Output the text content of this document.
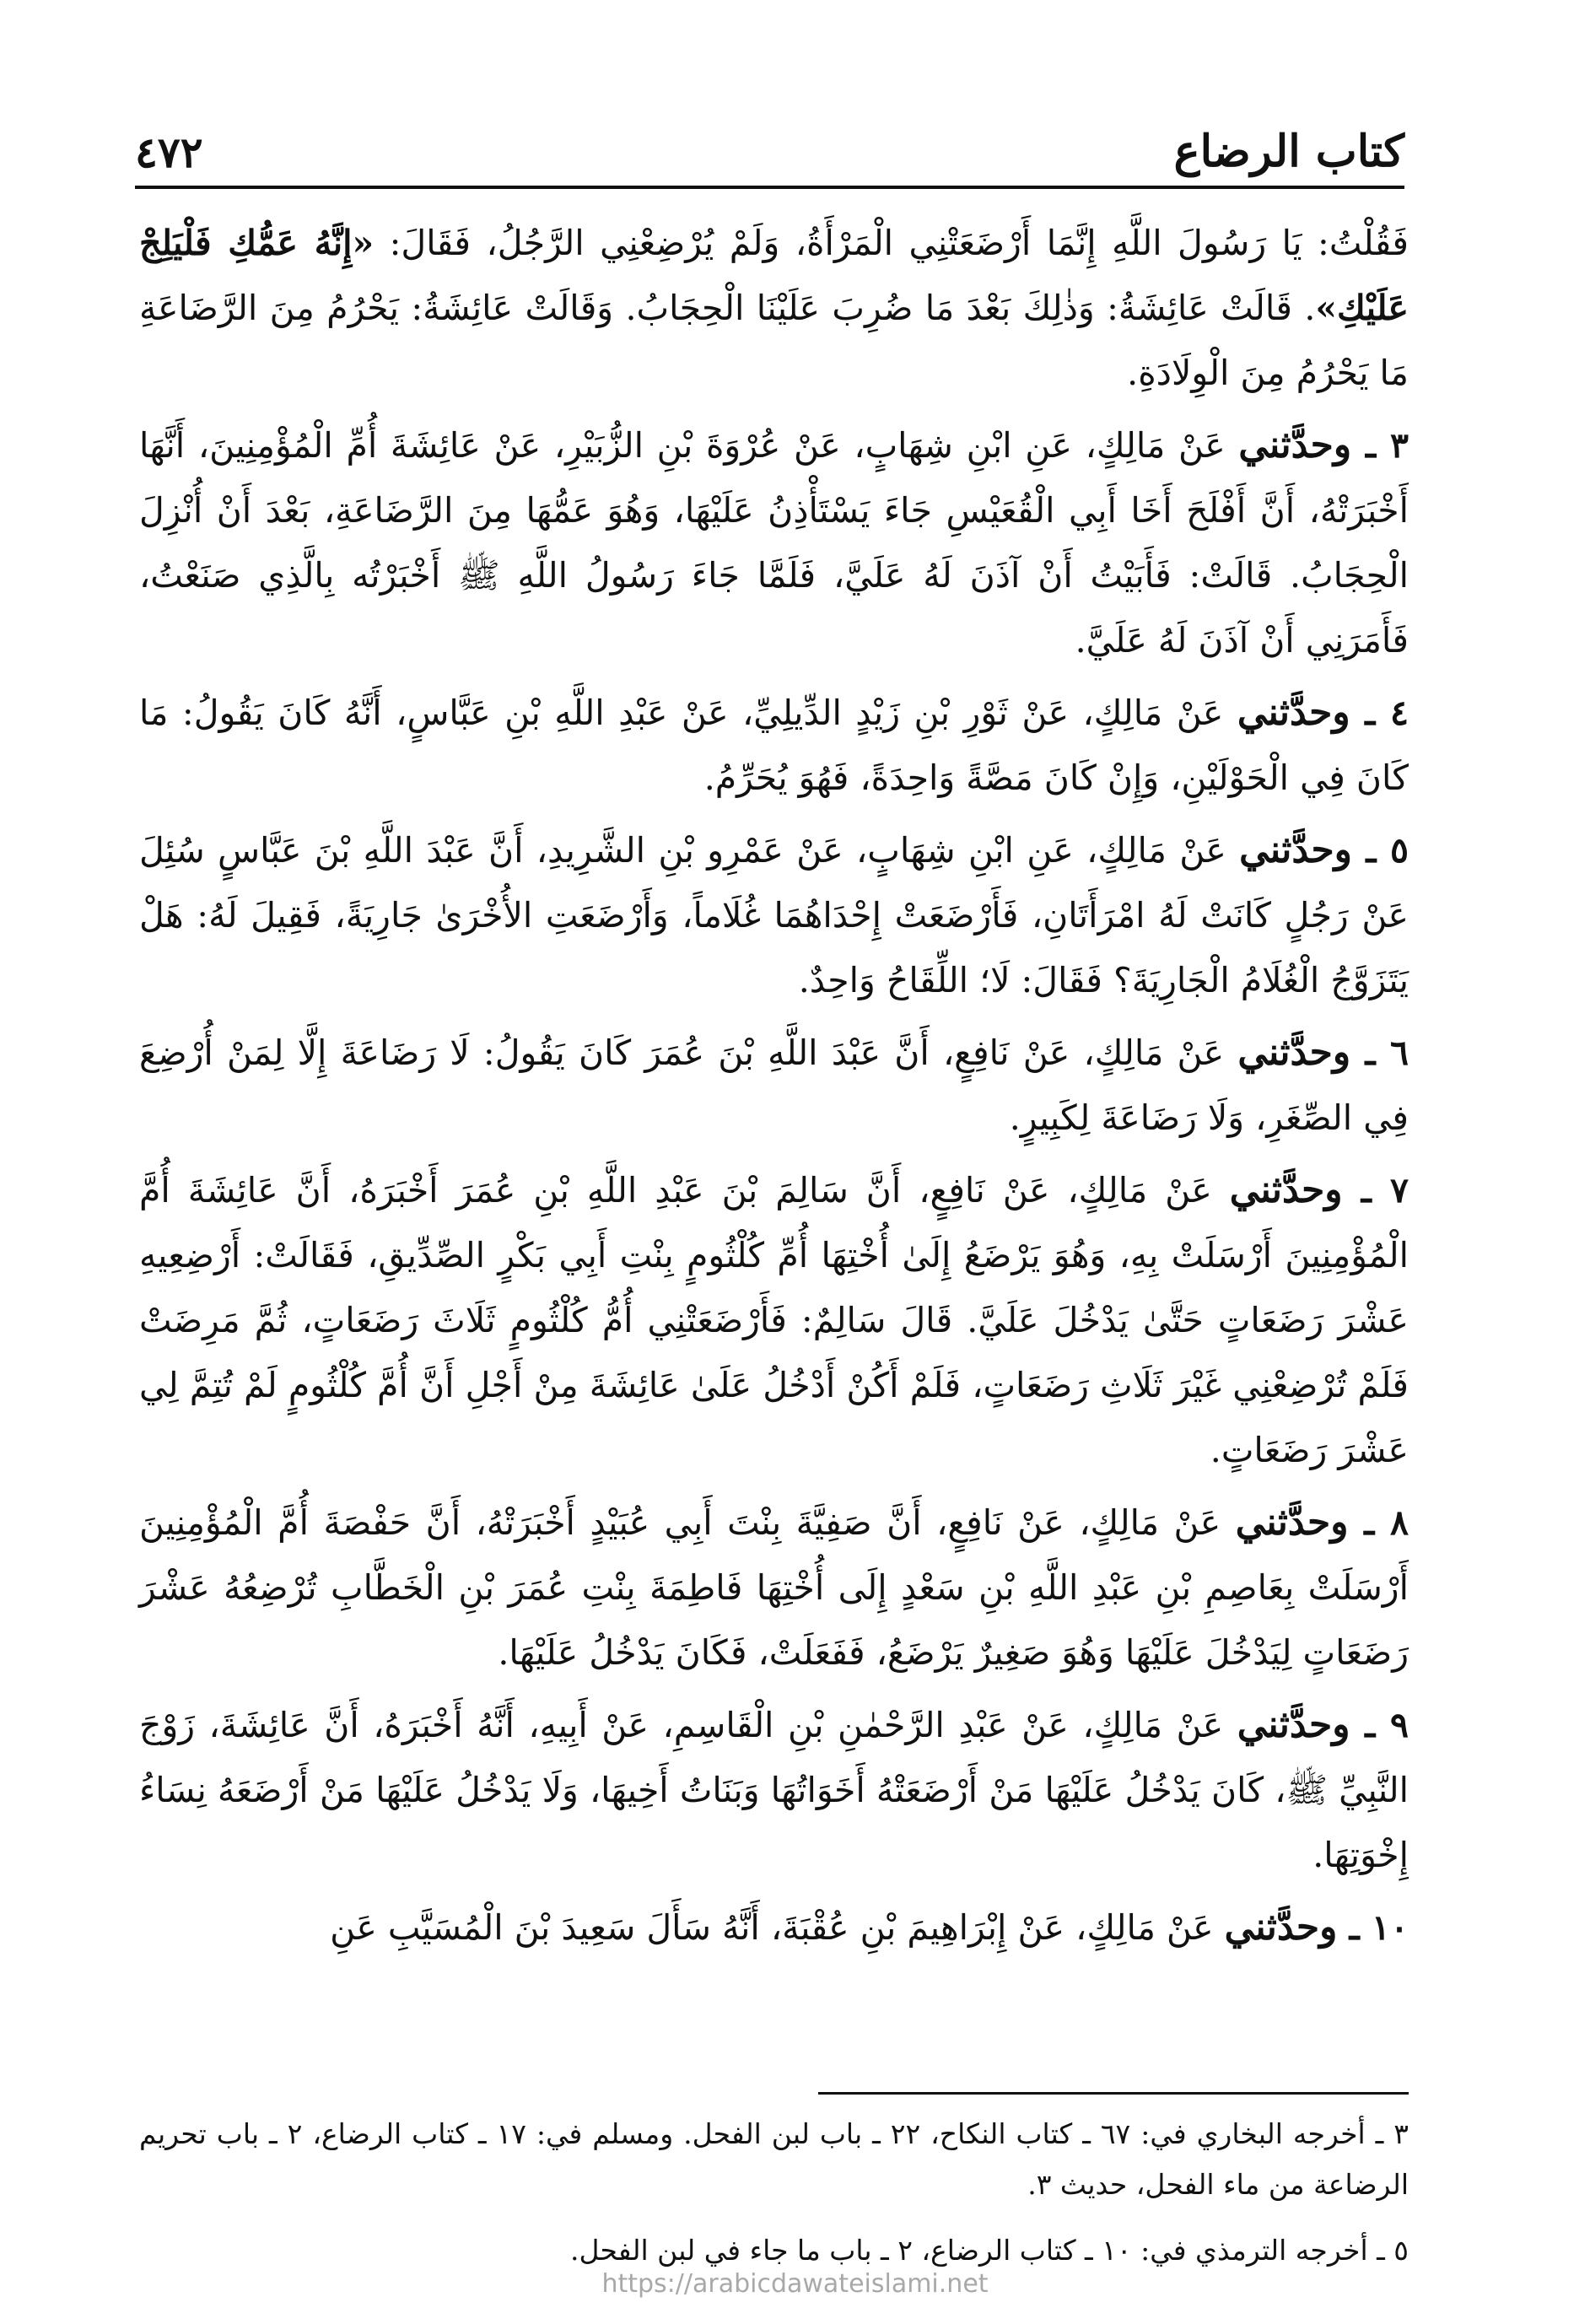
كتاب الرضاع
٤٧٢

فَقُلْتُ: يَا رَسُولَ اللَّهِ إِنَّمَا أَرْضَعَتْنِي الْمَرْأَةُ، وَلَمْ يُرْضِعْنِي الرَّجُلُ، فَقَالَ: «إِنَّهُ عَمُّكِ فَلْيَلِجْ عَلَيْكِ». قَالَتْ عَائِشَةُ: وَذٰلِكَ بَعْدَ مَا ضُرِبَ عَلَيْنَا الْحِجَابُ. وَقَالَتْ عَائِشَةُ: يَحْرُمُ مِنَ الرَّضَاعَةِ مَا يَحْرُمُ مِنَ الْوِلَادَةِ.

٣ ـ وحدَّثني عَنْ مَالِكٍ، عَنِ ابْنِ شِهَابٍ، عَنْ عُرْوَةَ بْنِ الزُّبَيْرِ، عَنْ عَائِشَةَ أُمِّ الْمُؤْمِنِينَ، أَنَّهَا أَخْبَرَتْهُ، أَنَّ أَفْلَحَ أَخَا أَبِي الْقُعَيْسِ جَاءَ يَسْتَأْذِنُ عَلَيْهَا، وَهُوَ عَمُّهَا مِنَ الرَّضَاعَةِ، بَعْدَ أَنْ أُنْزِلَ الْحِجَابُ. قَالَتْ: فَأَبَيْتُ أَنْ آذَنَ لَهُ عَلَيَّ، فَلَمَّا جَاءَ رَسُولُ اللَّهِ ﷺ أَخْبَرْتُه بِالَّذِي صَنَعْتُ، فَأَمَرَنِي أَنْ آذَنَ لَهُ عَلَيَّ.

٤ ـ وحدَّثني عَنْ مَالِكٍ، عَنْ ثَوْرِ بْنِ زَيْدٍ الدِّيلِيِّ، عَنْ عَبْدِ اللَّهِ بْنِ عَبَّاسٍ، أَنَّهُ كَانَ يَقُولُ: مَا كَانَ فِي الْحَوْلَيْنِ، وَإِنْ كَانَ مَصَّةً وَاحِدَةً، فَهُوَ يُحَرِّمُ.

٥ ـ وحدَّثني عَنْ مَالِكٍ، عَنِ ابْنِ شِهَابٍ، عَنْ عَمْرِو بْنِ الشَّرِيدِ، أَنَّ عَبْدَ اللَّهِ بْنَ عَبَّاسٍ سُئِلَ عَنْ رَجُلٍ كَانَتْ لَهُ امْرَأَتَانِ، فَأَرْضَعَتْ إِحْدَاهُمَا غُلَاماً، وَأَرْضَعَتِ الأُخْرَىٰ جَارِيَةً، فَقِيلَ لَهُ: هَلْ يَتَزَوَّجُ الْغُلَامُ الْجَارِيَةَ؟ فَقَالَ: لَا؛ اللِّقَاحُ وَاحِدٌ.

٦ ـ وحدَّثني عَنْ مَالِكٍ، عَنْ نَافِعٍ، أَنَّ عَبْدَ اللَّهِ بْنَ عُمَرَ كَانَ يَقُولُ: لَا رَضَاعَةَ إِلَّا لِمَنْ أُرْضِعَ فِي الصِّغَرِ، وَلَا رَضَاعَةَ لِكَبِيرٍ.

٧ ـ وحدَّثني عَنْ مَالِكٍ، عَنْ نَافِعٍ، أَنَّ سَالِمَ بْنَ عَبْدِ اللَّهِ بْنِ عُمَرَ أَخْبَرَهُ، أَنَّ عَائِشَةَ أُمَّ الْمُؤْمِنِينَ أَرْسَلَتْ بِهِ، وَهُوَ يَرْضَعُ إِلَىٰ أُخْتِهَا أُمِّ كُلْثُومٍ بِنْتِ أَبِي بَكْرٍ الصِّدِّيقِ، فَقَالَتْ: أَرْضِعِيهِ عَشْرَ رَضَعَاتٍ حَتَّىٰ يَدْخُلَ عَلَيَّ. قَالَ سَالِمٌ: فَأَرْضَعَتْنِي أُمُّ كُلْثُومٍ ثَلَاثَ رَضَعَاتٍ، ثُمَّ مَرِضَتْ فَلَمْ تُرْضِعْنِي غَيْرَ ثَلَاثِ رَضَعَاتٍ، فَلَمْ أَكُنْ أَدْخُلُ عَلَىٰ عَائِشَةَ مِنْ أَجْلِ أَنَّ أُمَّ كُلْثُومٍ لَمْ تُتِمَّ لِي عَشْرَ رَضَعَاتٍ.

٨ ـ وحدَّثني عَنْ مَالِكٍ، عَنْ نَافِعٍ، أَنَّ صَفِيَّةَ بِنْتَ أَبِي عُبَيْدٍ أَخْبَرَتْهُ، أَنَّ حَفْصَةَ أُمَّ الْمُؤْمِنِينَ أَرْسَلَتْ بِعَاصِمِ بْنِ عَبْدِ اللَّهِ بْنِ سَعْدٍ إِلَى أُخْتِهَا فَاطِمَةَ بِنْتِ عُمَرَ بْنِ الْخَطَّابِ تُرْضِعُهُ عَشْرَ رَضَعَاتٍ لِيَدْخُلَ عَلَيْهَا وَهُوَ صَغِيرٌ يَرْضَعُ، فَفَعَلَتْ، فَكَانَ يَدْخُلُ عَلَيْهَا.

٩ ـ وحدَّثني عَنْ مَالِكٍ، عَنْ عَبْدِ الرَّحْمٰنِ بْنِ الْقَاسِمِ، عَنْ أَبِيهِ، أَنَّهُ أَخْبَرَهُ، أَنَّ عَائِشَةَ، زَوْجَ النَّبِيِّ ﷺ، كَانَ يَدْخُلُ عَلَيْهَا مَنْ أَرْضَعَتْهُ أَخَوَاتُهَا وَبَنَاتُ أَخِيهَا، وَلَا يَدْخُلُ عَلَيْهَا مَنْ أَرْضَعَهُ نِسَاءُ إِخْوَتِهَا.

١٠ ـ وحدَّثني عَنْ مَالِكٍ، عَنْ إِبْرَاهِيمَ بْنِ عُقْبَةَ، أَنَّهُ سَأَلَ سَعِيدَ بْنَ الْمُسَيَّبِ عَنِ

٣ ـ أخرجه البخاري في: ٦٧ ـ كتاب النكاح، ٢٢ ـ باب لبن الفحل. ومسلم في: ١٧ ـ كتاب الرضاع، ٢ ـ باب تحريم الرضاعة من ماء الفحل، حديث ٣.

٥ ـ أخرجه الترمذي في: ١٠ ـ كتاب الرضاع، ٢ ـ باب ما جاء في لبن الفحل.

https://arabicdawateislami.net
